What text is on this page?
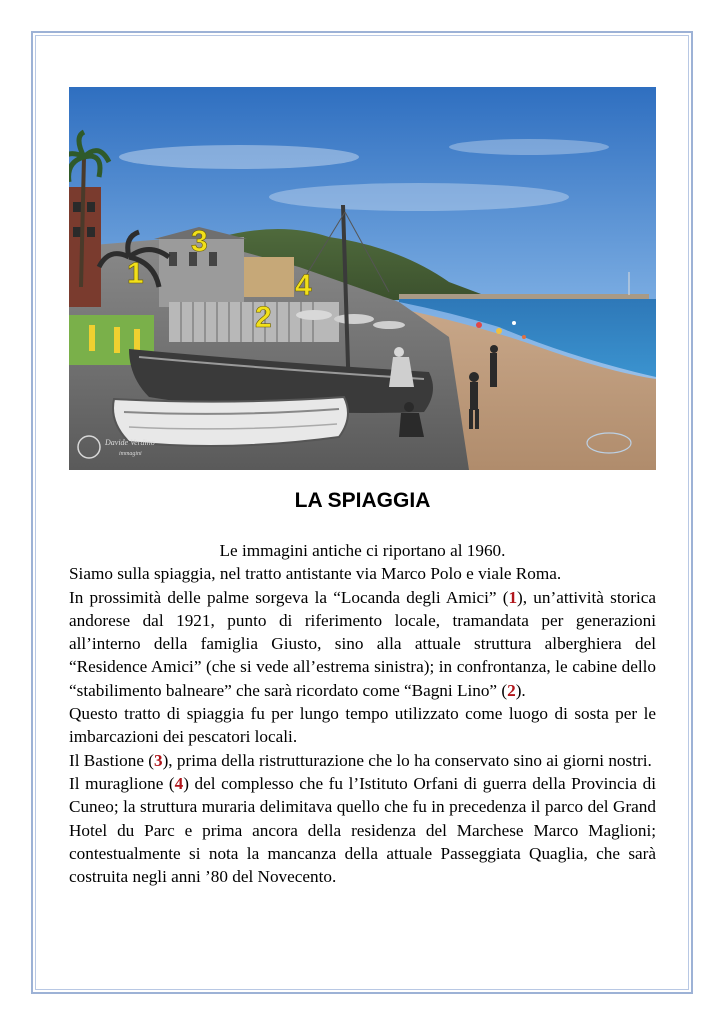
Davide Verdino
immagini
1
2
3
4
LA SPIAGGIA

Le immagini antiche ci riportano al 1960.

Siamo sulla spiaggia, nel tratto antistante via Marco Polo e viale Roma.

In prossimità delle palme sorgeva la “Locanda degli Amici” (1), un’attività storica andorese dal 1921, punto di riferimento locale, tramandata per generazioni all’interno della famiglia Giusto, sino alla attuale struttura alberghiera del “Residence Amici” (che si vede all’estrema sinistra); in confrontanza, le cabine dello “stabilimento balneare” che sarà ricordato come “Bagni Lino” (2).

Questo tratto di spiaggia fu per lungo tempo utilizzato come luogo di sosta per le imbarcazioni dei pescatori locali.

Il Bastione (3), prima della ristrutturazione che lo ha conservato sino ai giorni nostri.

Il muraglione (4) del complesso che fu l’Istituto Orfani di guerra della Provincia di Cuneo; la struttura muraria delimitava quello che fu in precedenza il parco del Grand Hotel du Parc e prima ancora della residenza del Marchese Marco Maglioni; contestualmente si nota la mancanza della attuale Passeggiata Quaglia, che sarà costruita negli anni ’80 del Novecento.
